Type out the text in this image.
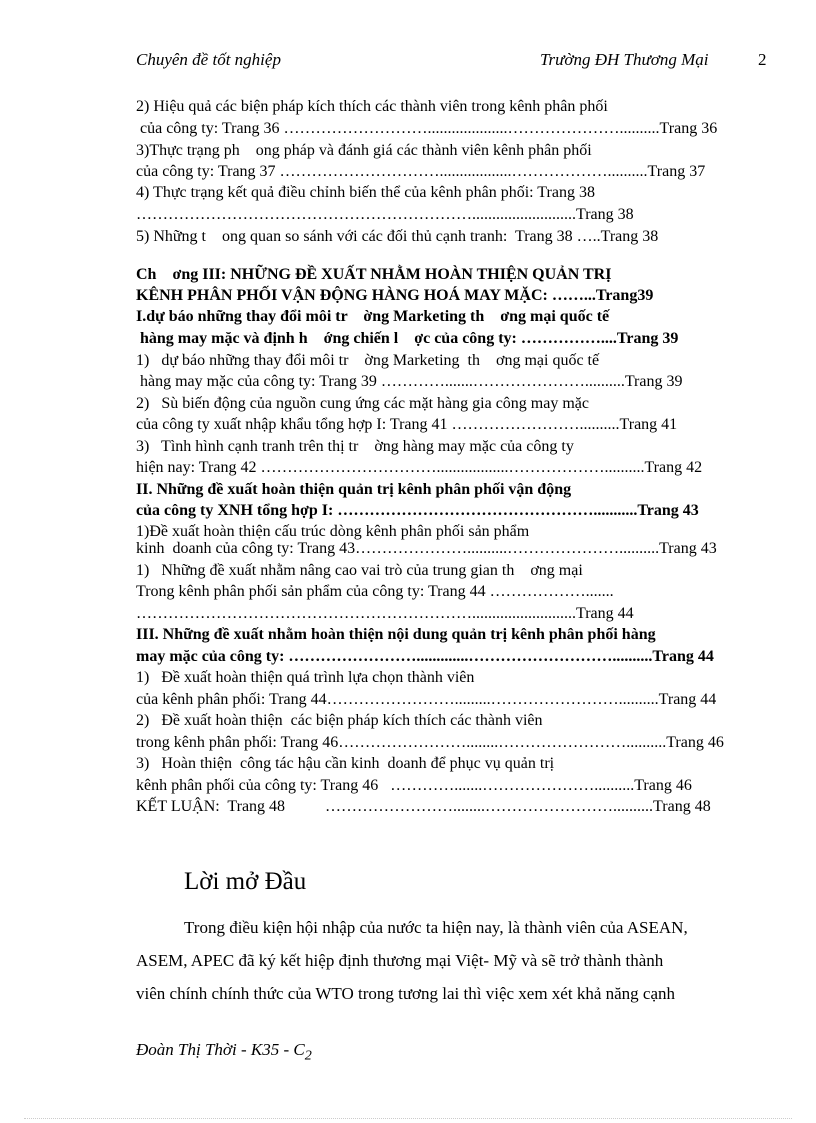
Chuyên đề tốt nghiệp	Trường ĐH Thương Mại	2
2) Hiệu quả các biện pháp kích thích các thành viên trong kênh phân phối
của công ty: Trang 36 ………………………....................…………………..........Trang 36
3)Thực trạng ph    ong pháp và đánh giá các thành viên kênh phân phối
của công ty: Trang 37 …………………………..................………………..........Trang 37
4) Thực trạng kết quả điều chỉnh biến thể của kênh phân phối: Trang 38
………………………………………………………..........................Trang 38
5) Những t    ong quan so sánh với các đối thủ cạnh tranh:  Trang 38 …..Trang 38
Ch    ơng III: NHỮNG ĐỀ XUẤT NHẰM HOÀN THIỆN QUẢN TRỊ
KÊNH PHÂN PHỐI VẬN ĐỘNG HÀNG HOÁ MAY MẶC: ……...Trang39
I.dự báo những thay đổi môi tr    ờng Marketing th    ơng mại quốc tế
hàng may mặc và định h    ớng chiến l    ợc của công ty: ……………....Trang 39
1)   dự báo những thay đổi môi tr    ờng Marketing  th    ơng mại quốc tế
hàng may mặc của công ty: Trang 39 ………….......…………………..........Trang 39
2)   Sù biến động của nguồn cung ứng các mặt hàng gia công may mặc
của công ty xuất nhập khẩu tổng hợp I: Trang 41 ……………………..........Trang 41
3)   Tình hình cạnh tranh trên thị tr    ờng hàng may mặc của công ty
hiện nay: Trang 42 ……………………………..................………………..........Trang 42
II. Những đề xuất hoàn thiện quản trị kênh phân phối vận động
của công ty XNH tổng hợp I: …………………………………………...........Trang 43
1)Đề xuất hoàn thiện cấu trúc dòng kênh phân phối sản phẩm
kinh  doanh của công ty: Trang 43…………………..........…………………..........Trang 43
1)   Những đề xuất nhằm nâng cao vai trò của trung gian th    ơng mại
Trong kênh phân phối sản phẩm của công ty: Trang 44 ……………….......
………………………………………………………..........................Trang 44
III. Những đề xuất nhằm hoàn thiện nội dung quản trị kênh phân phối hàng
may mặc của công ty: …………………….............………………………..........Trang 44
1)   Đề xuất hoàn thiện quá trình lựa chọn thành viên
của kênh phân phối: Trang 44…………………….........……………………..........Trang 44
2)   Đề xuất hoàn thiện  các biện pháp kích thích các thành viên
trong kênh phân phối: Trang 46……………………........……………………..........Trang 46
3)   Hoàn thiện  công tác hậu cần kinh  doanh để phục vụ quản trị
kênh phân phối của công ty: Trang 46   ………….......…………………..........Trang 46
KẾT LUẬN:  Trang 48          ……………………........……………………..........Trang 48
Lời mở Đầu
Trong điều kiện hội nhập của nước ta hiện nay, là thành viên của ASEAN,
ASEM, APEC đã ký kết hiệp định thương mại Việt- Mỹ và sẽ trở thành thành
viên chính chính thức của WTO trong tương lai thì việc xem xét khả năng cạnh
Đoàn Thị Thời - $K35 - C_2$
